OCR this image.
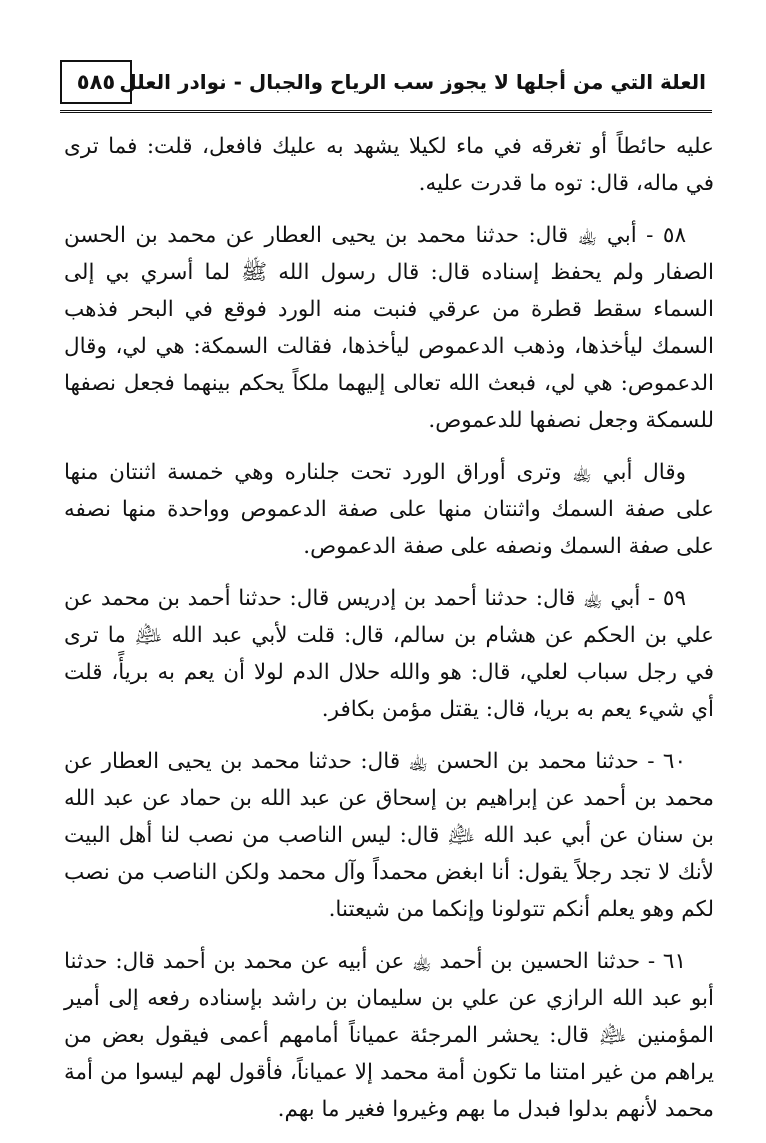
العلة التي من أجلها لا يجوز سب الرياح والجبال - نوادر العلل
٥٨٥

عليه حائطاً أو تغرقه في ماء لكيلا يشهد به عليك فافعل، قلت: فما ترى في ماله، قال: توه ما قدرت عليه.

٥٨ - أبي ﵀ قال: حدثنا محمد بن يحيى العطار عن محمد بن الحسن الصفار ولم يحفظ إسناده قال: قال رسول الله ﷺ لما أسري بي إلى السماء سقط قطرة من عرقي فنبت منه الورد فوقع في البحر فذهب السمك ليأخذها، وذهب الدعموص ليأخذها، فقالت السمكة: هي لي، وقال الدعموص: هي لي، فبعث الله تعالى إليهما ملكاً يحكم بينهما فجعل نصفها للسمكة وجعل نصفها للدعموص.

وقال أبي ﵀ وترى أوراق الورد تحت جلناره وهي خمسة اثنتان منها على صفة السمك واثنتان منها على صفة الدعموص وواحدة منها نصفه على صفة السمك ونصفه على صفة الدعموص.

٥٩ - أبي ﵀ قال: حدثنا أحمد بن إدريس قال: حدثنا أحمد بن محمد عن علي بن الحكم عن هشام بن سالم، قال: قلت لأبي عبد الله ﵇ ما ترى في رجل سباب لعلي، قال: هو والله حلال الدم لولا أن يعم به بريأً، قلت أي شيء يعم به بريا، قال: يقتل مؤمن بكافر.

٦٠ - حدثنا محمد بن الحسن ﵀ قال: حدثنا محمد بن يحيى العطار عن محمد بن أحمد عن إبراهيم بن إسحاق عن عبد الله بن حماد عن عبد الله بن سنان عن أبي عبد الله ﵇ قال: ليس الناصب من نصب لنا أهل البيت لأنك لا تجد رجلاً يقول: أنا ابغض محمداً وآل محمد ولكن الناصب من نصب لكم وهو يعلم أنكم تتولونا وإنكما من شيعتنا.

٦١ - حدثنا الحسين بن أحمد ﵀ عن أبيه عن محمد بن أحمد قال: حدثنا أبو عبد الله الرازي عن علي بن سليمان بن راشد بإسناده رفعه إلى أمير المؤمنين ﵇ قال: يحشر المرجئة عمياناً أمامهم أعمى فيقول بعض من يراهم من غير امتنا ما تكون أمة محمد إلا عمياناً، فأقول لهم ليسوا من أمة محمد لأنهم بدلوا فبدل ما بهم وغيروا فغير ما بهم.
